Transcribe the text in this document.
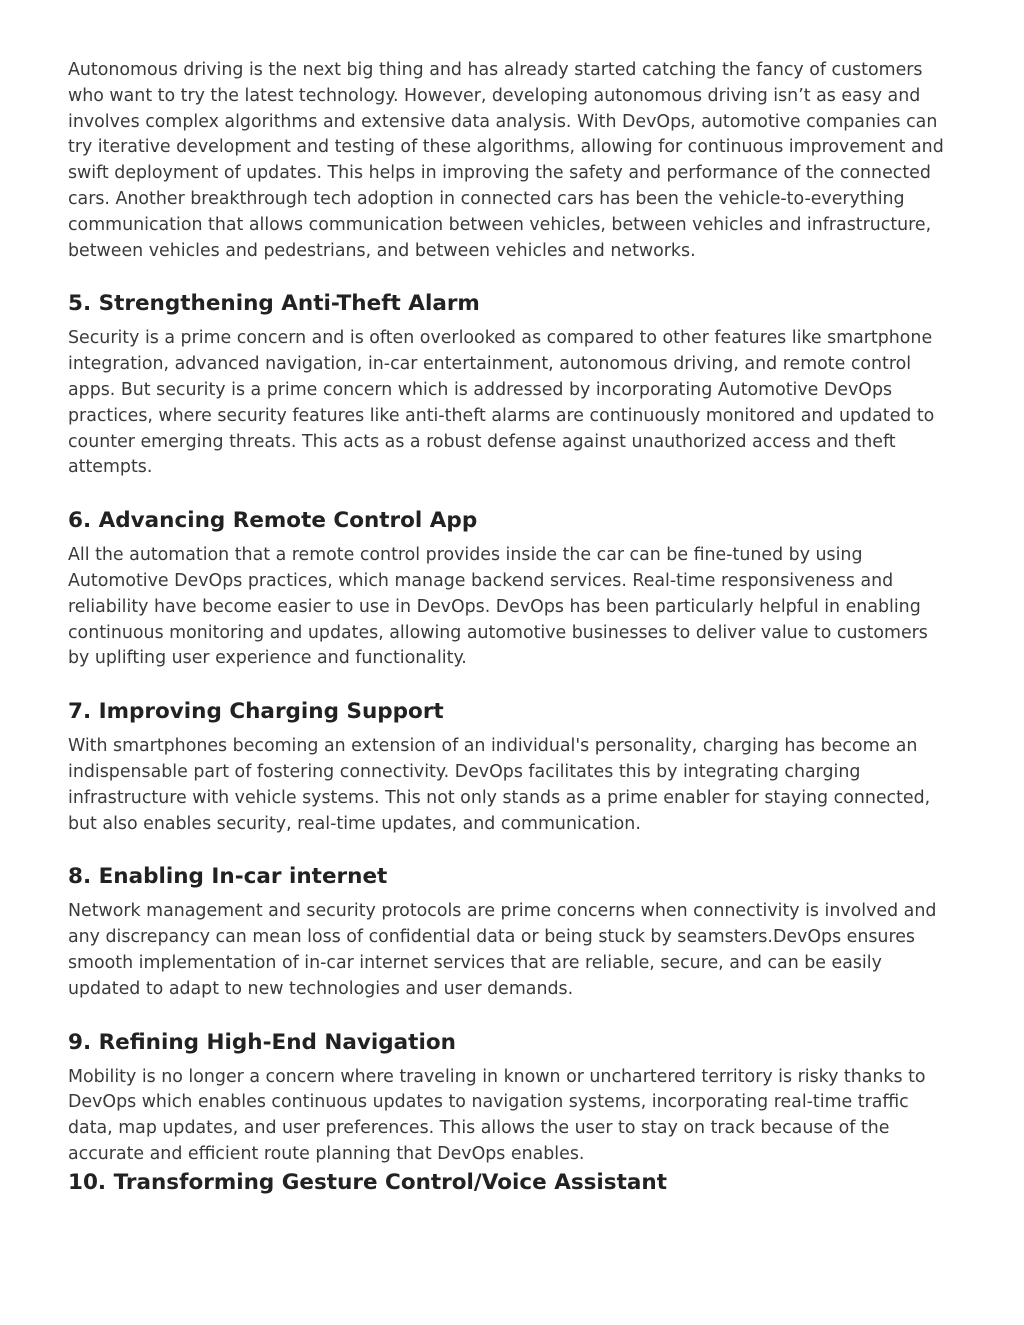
Autonomous driving is the next big thing and has already started catching the fancy of customers who want to try the latest technology. However, developing autonomous driving isn’t as easy and involves complex algorithms and extensive data analysis. With DevOps, automotive companies can try iterative development and testing of these algorithms, allowing for continuous improvement and swift deployment of updates. This helps in improving the safety and performance of the connected cars. Another breakthrough tech adoption in connected cars has been the vehicle-to-everything communication that allows communication between vehicles, between vehicles and infrastructure, between vehicles and pedestrians, and between vehicles and networks.

5. Strengthening Anti-Theft Alarm

Security is a prime concern and is often overlooked as compared to other features like smartphone integration, advanced navigation, in-car entertainment, autonomous driving, and remote control apps. But security is a prime concern which is addressed by incorporating Automotive DevOps practices, where security features like anti-theft alarms are continuously monitored and updated to counter emerging threats. This acts as a robust defense against unauthorized access and theft attempts.

6. Advancing Remote Control App

All the automation that a remote control provides inside the car can be fine-tuned by using Automotive DevOps practices, which manage backend services. Real-time responsiveness and reliability have become easier to use in DevOps. DevOps has been particularly helpful in enabling continuous monitoring and updates, allowing automotive businesses to deliver value to customers by uplifting user experience and functionality.

7. Improving Charging Support

With smartphones becoming an extension of an individual's personality, charging has become an indispensable part of fostering connectivity. DevOps facilitates this by integrating charging infrastructure with vehicle systems. This not only stands as a prime enabler for staying connected, but also enables security, real-time updates, and communication.

8. Enabling In-car internet

Network management and security protocols are prime concerns when connectivity is involved and any discrepancy can mean loss of confidential data or being stuck by seamsters.DevOps ensures smooth implementation of in-car internet services that are reliable, secure, and can be easily updated to adapt to new technologies and user demands.

9. Refining High-End Navigation

Mobility is no longer a concern where traveling in known or unchartered territory is risky thanks to DevOps which enables continuous updates to navigation systems, incorporating real-time traffic data, map updates, and user preferences. This allows the user to stay on track because of the accurate and efficient route planning that DevOps enables.

10. Transforming Gesture Control/Voice Assistant
